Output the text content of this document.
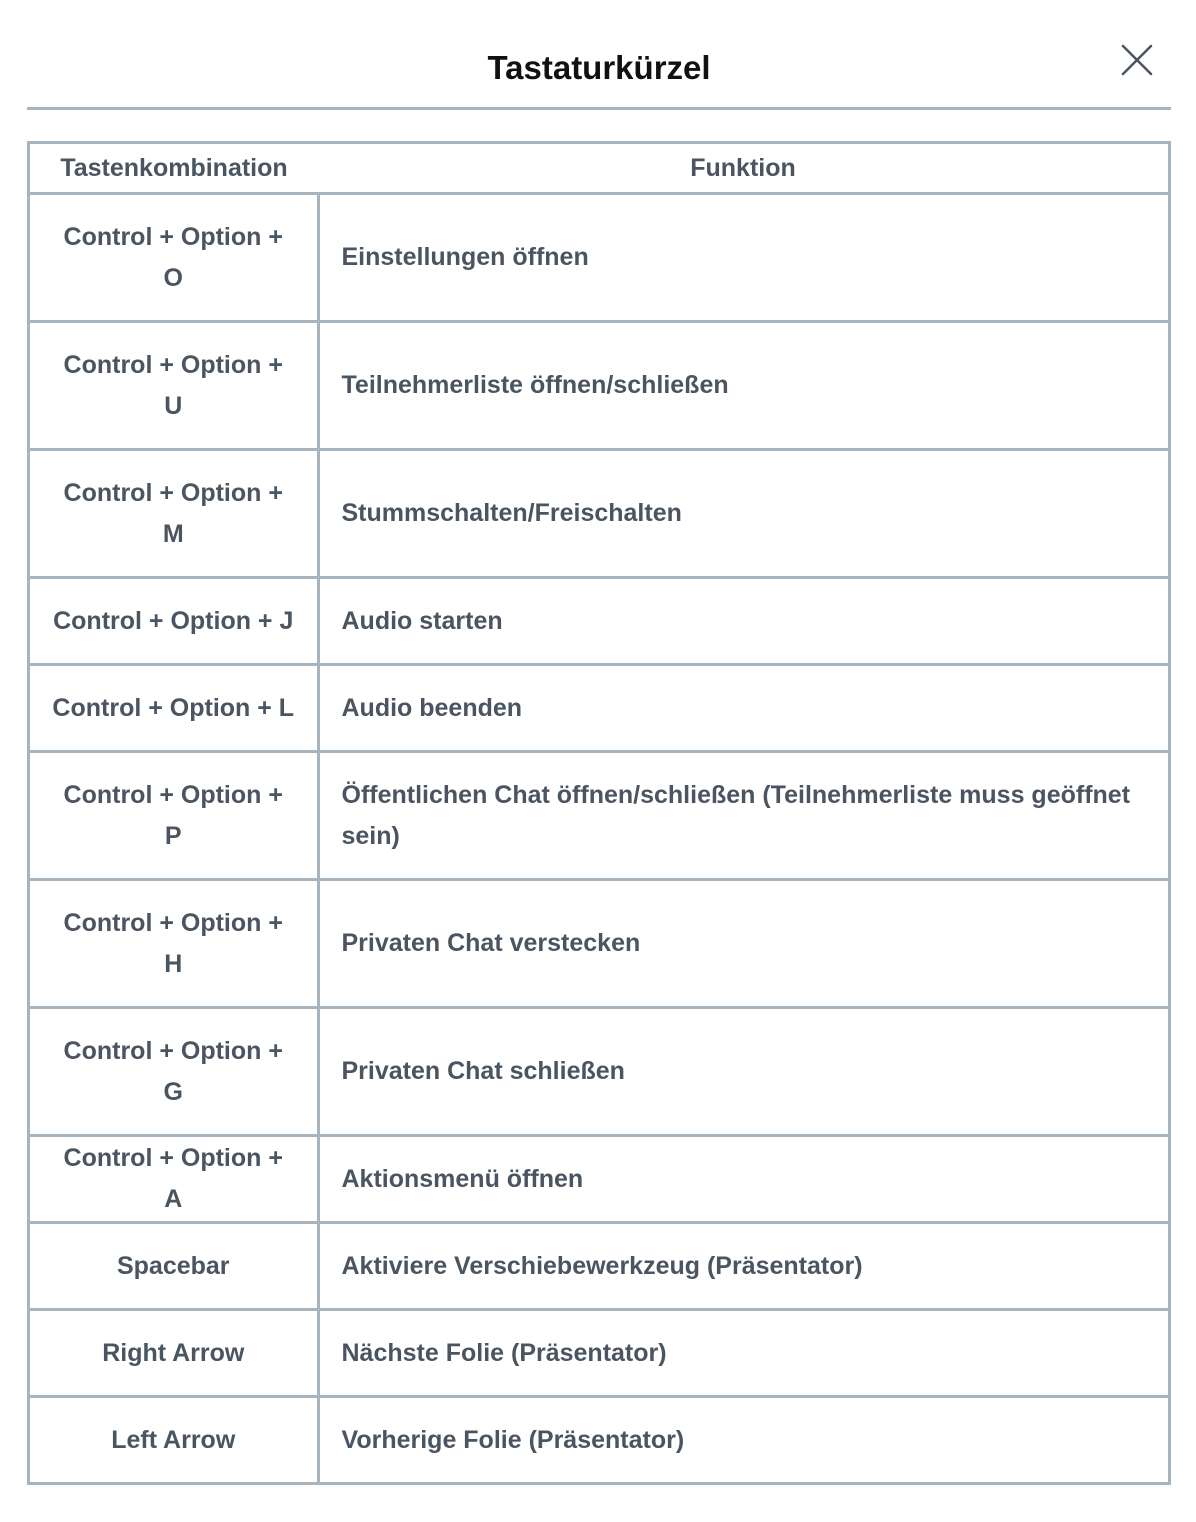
Tastaturkürzel
Tastenkombination	Funktion
Control + Option + O	Einstellungen öffnen
Control + Option + U	Teilnehmerliste öffnen/schließen
Control + Option + M	Stummschalten/Freischalten
Control + Option + J	Audio starten
Control + Option + L	Audio beenden
Control + Option + P	Öffentlichen Chat öffnen/schließen (Teilnehmerliste muss geöffnet sein)
Control + Option + H	Privaten Chat verstecken
Control + Option + G	Privaten Chat schließen
Control + Option + A	Aktionsmenü öffnen
Spacebar	Aktiviere Verschiebewerkzeug (Präsentator)
Right Arrow	Nächste Folie (Präsentator)
Left Arrow	Vorherige Folie (Präsentator)
